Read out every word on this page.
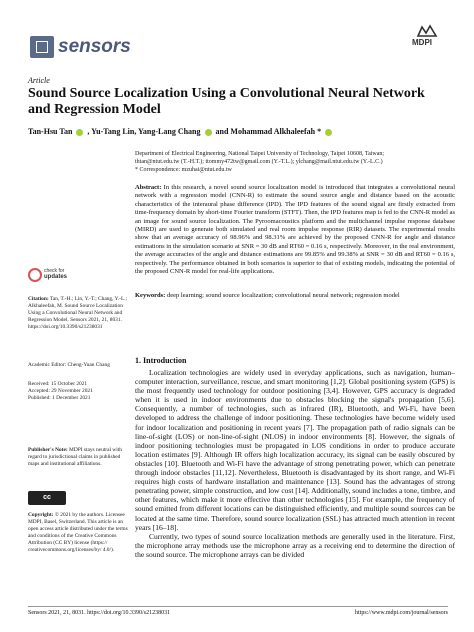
sensors	MDPI
Article
Sound Source Localization Using a Convolutional Neural Network and Regression Model
Tan-Hsu Tan , Yu-Tang Lin, Yang-Lang Chang  and Mohammad Alkhaleefah *
Department of Electrical Engineering, National Taipei University of Technology, Taipei 10608, Taiwan;
thtan@ntut.edu.tw (T.-H.T.); ttommy472tw@gmail.com (Y.-T.L.); ylchang@mail.ntut.edu.tw (Y.-L.C.)
* Correspondence: mzuhai@ntut.edu.tw
Abstract: In this research, a novel sound source localization model is introduced that integrates a convolutional neural network with a regression model (CNN-R) to estimate the sound source angle and distance based on the acoustic characteristics of the interaural phase difference (IPD). The IPD features of the sound signal are firstly extracted from time-frequency domain by short-time Fourier transform (STFT). Then, the IPD features map is fed to the CNN-R model as an image for sound source localization. The Pyroomacoustics platform and the multichannel impulse response database (MIRD) are used to generate both simulated and real room impulse response (RIR) datasets. The experimental results show that an average accuracy of 98.96% and 98.31% are achieved by the proposed CNN-R for angle and distance estimations in the simulation scenario at SNR = 30 dB and RT60 = 0.16 s, respectively. Moreover, in the real environment, the average accuracies of the angle and distance estimations are 99.85% and 99.38% at SNR = 30 dB and RT60 = 0.16 s, respectively. The performance obtained in both scenarios is superior to that of existing models, indicating the potential of the proposed CNN-R model for real-life applications.
Keywords: deep learning; sound source localization; convolutional neural network; regression model
check for
updates
Citation: Tan, T.-H.; Lin, Y.-T.; Chang, Y.-L.; Alkhaleefah, M. Sound Source Localization Using a Convolutional Neural Network and Regression Model. Sensors 2021, 21, 8031. https://doi.org/10.3390/s21238031
Academic Editor: Cheng-Yuan Chang
Received: 15 October 2021
Accepted: 29 November 2021
Published: 1 December 2021
Publisher's Note: MDPI stays neutral with regard to jurisdictional claims in published maps and institutional affiliations.
cc
Copyright: © 2021 by the authors. Licensee MDPI, Basel, Switzerland. This article is an open access article distributed under the terms and conditions of the Creative Commons Attribution (CC BY) license (https:// creativecommons.org/licenses/by/ 4.0/).
1. Introduction

Localization technologies are widely used in everyday applications, such as navigation, human–computer interaction, surveillance, rescue, and smart monitoring [1,2]. Global positioning system (GPS) is the most frequently used technology for outdoor positioning [3,4]. However, GPS accuracy is degraded when it is used in indoor environments due to obstacles blocking the signal's propagation [5,6]. Consequently, a number of technologies, such as infrared (IR), Bluetooth, and Wi-Fi, have been developed to address the challenge of indoor positioning. These technologies have become widely used for indoor localization and positioning in recent years [7]. The propagation path of radio signals can be line-of-sight (LOS) or non-line-of-sight (NLOS) in indoor environments [8]. However, the signals of indoor positioning technologies must be propagated in LOS conditions in order to produce accurate location estimates [9]. Although IR offers high localization accuracy, its signal can be easily obscured by obstacles [10]. Bluetooth and Wi-Fi have the advantage of strong penetrating power, which can penetrate through indoor obstacles [11,12]. Nevertheless, Bluetooth is disadvantaged by its short range, and Wi-Fi requires high costs of hardware installation and maintenance [13]. Sound has the advantages of strong penetrating power, simple construction, and low cost [14]. Additionally, sound includes a tone, timbre, and other features, which make it more effective than other technologies [15]. For example, the frequency of sound emitted from different locations can be distinguished efficiently, and multiple sound sources can be located at the same time. Therefore, sound source localization (SSL) has attracted much attention in recent years [16–18].

Currently, two types of sound source localization methods are generally used in the literature. First, the microphone array methods use the microphone array as a receiving end to determine the direction of the sound source. The microphone arrays can be divided

Sensors 2021, 21, 8031. https://doi.org/10.3390/s21238031	https://www.mdpi.com/journal/sensors
